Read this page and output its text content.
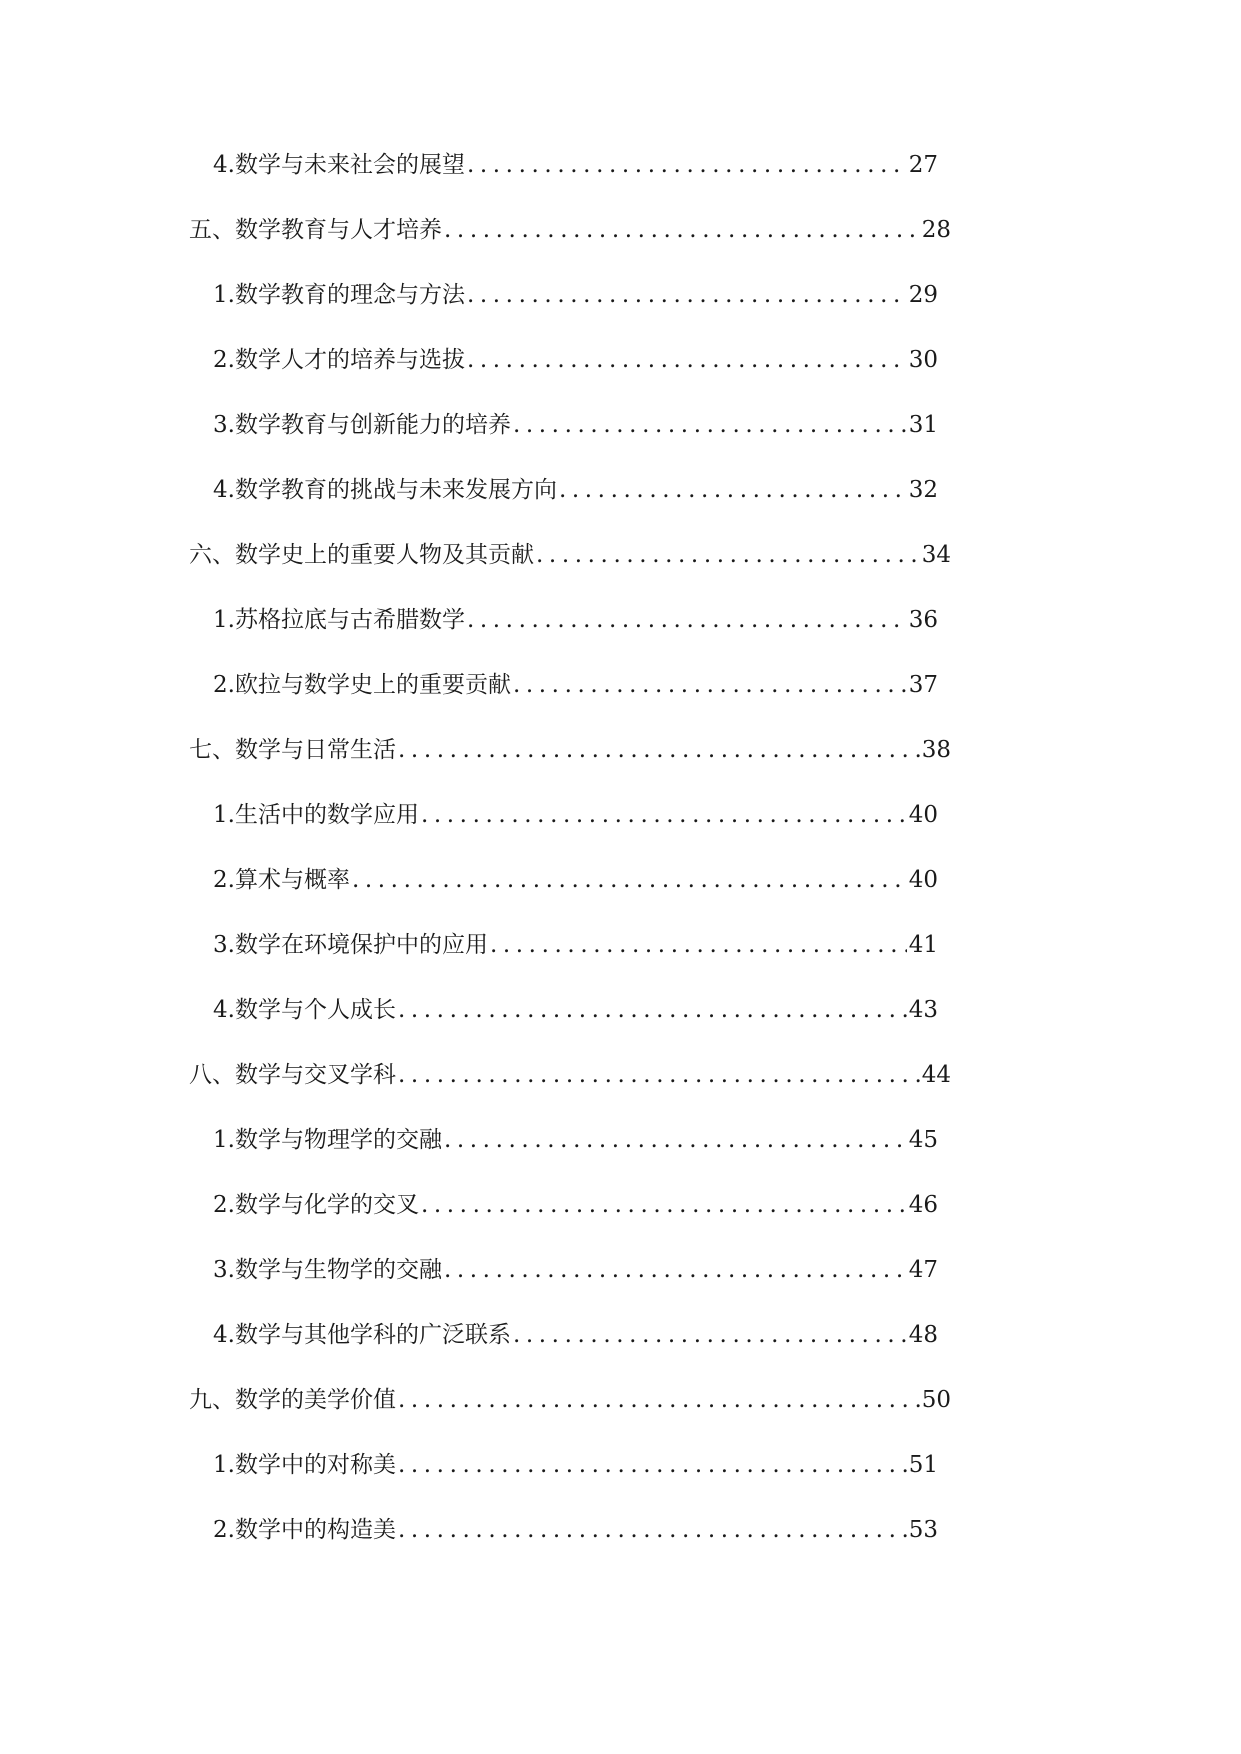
4. 数学与未来社会的展望 .....	27
五、数学教育与人才培养 .....	28
1. 数学教育的理念与方法 .....	29
2. 数学人才的培养与选拔 .....	30
3. 数学教育与创新能力的培养 .....	31
4. 数学教育的挑战与未来发展方向 .....	32
六、数学史上的重要人物及其贡献 .....	34
1. 苏格拉底与古希腊数学 .....	36
2. 欧拉与数学史上的重要贡献 .....	37
七、数学与日常生活 .....	38
1. 生活中的数学应用 .....	40
2. 算术与概率 .....	40
3. 数学在环境保护中的应用 .....	41
4. 数学与个人成长 .....	43
八、数学与交叉学科 .....	44
1. 数学与物理学的交融 .....	45
2. 数学与化学的交叉 .....	46
3. 数学与生物学的交融 .....	47
4. 数学与其他学科的广泛联系 .....	48
九、数学的美学价值 .....	50
1. 数学中的对称美 .....	51
2. 数学中的构造美 .....	53
